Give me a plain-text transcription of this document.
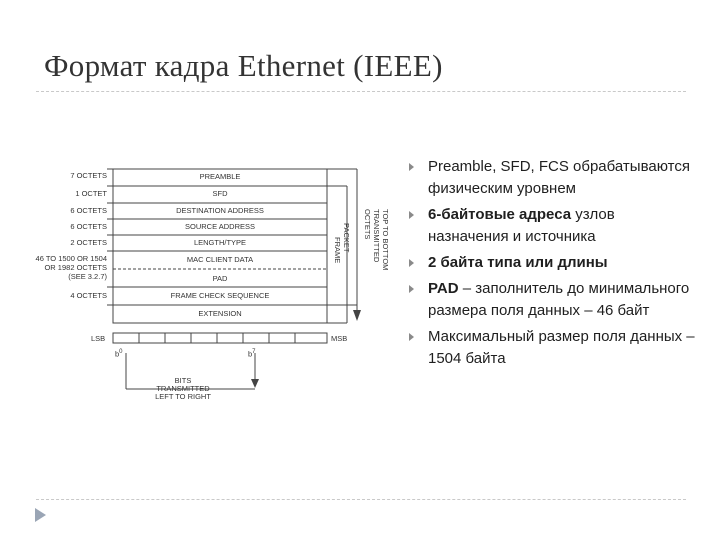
Формат кадра Ethernet (IEEE)
7 OCTETS
1 OCTET
6 OCTETS
6 OCTETS
2 OCTETS
46 TO 1500 OR 1504
OR 1982 OCTETS
(SEE 3.2.7)
4 OCTETS
PREAMBLE
SFD
DESTINATION ADDRESS
SOURCE ADDRESS
LENGTH/TYPE
MAC CLIENT DATA
PAD
FRAME CHECK SEQUENCE
EXTENSION
FRAME PACKET OCTETS TRANSMITTED TOP TO BOTTOM
LSB	MSB
$b^0$	$b^7$
BITS
TRANSMITTED
LEFT TO RIGHT
Preamble, SFD, FCS обрабатываются физическим уровнем
6-байтовые адреса узлов назначения и источника
2 байта типа или длины
PAD – заполнитель до минимального размера поля данных – 46 байт
Максимальный размер поля данных – 1504 байта
